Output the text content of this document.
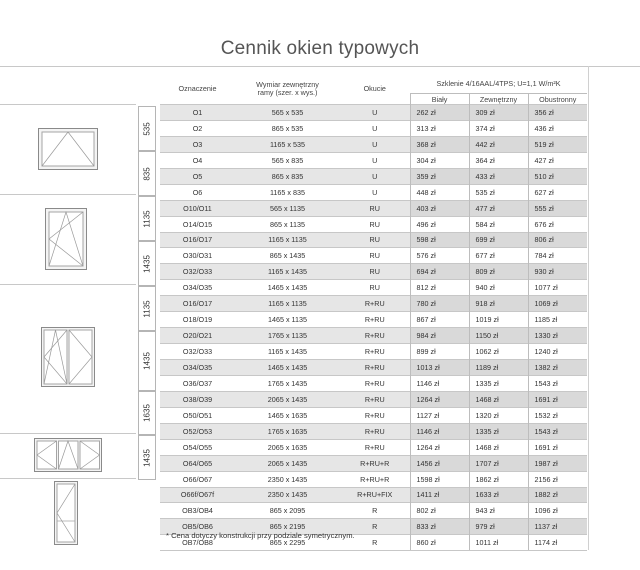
Cennik okien typowych
535
835
1135
1435
1135
1435
1635
1435
Oznaczenie	Wymiar zewnętrzny
ramy (szer. x wys.)	Okucie	Szklenie 4/16AAL/4TPS; U=1,1 W/m²K		
			Biały	Zewnętrzny	Obustronny
O1	565 x 535	U	262 zł	309 zł	356 zł
O2	865 x 535	U	313 zł	374 zł	436 zł
O3	1165 x 535	U	368 zł	442 zł	519 zł
O4	565 x 835	U	304 zł	364 zł	427 zł
O5	865 x 835	U	359 zł	433 zł	510 zł
O6	1165 x 835	U	448 zł	535 zł	627 zł
O10/O11	565 x 1135	RU	403 zł	477 zł	555 zł
O14/O15	865 x 1135	RU	496 zł	584 zł	676 zł
O16/O17	1165 x 1135	RU	598 zł	699 zł	806 zł
O30/O31	865 x 1435	RU	576 zł	677 zł	784 zł
O32/O33	1165 x 1435	RU	694 zł	809 zł	930 zł
O34/O35	1465 x 1435	RU	812 zł	940 zł	1077 zł
O16/O17	1165 x 1135	R+RU	780 zł	918 zł	1069 zł
O18/O19	1465 x 1135	R+RU	867 zł	1019 zł	1185 zł
O20/O21	1765 x 1135	R+RU	984 zł	1150 zł	1330 zł
O32/O33	1165 x 1435	R+RU	899 zł	1062 zł	1240 zł
O34/O35	1465 x 1435	R+RU	1013 zł	1189 zł	1382 zł
O36/O37	1765 x 1435	R+RU	1146 zł	1335 zł	1543 zł
O38/O39	2065 x 1435	R+RU	1264 zł	1468 zł	1691 zł
O50/O51	1465 x 1635	R+RU	1127 zł	1320 zł	1532 zł
O52/O53	1765 x 1635	R+RU	1146 zł	1335 zł	1543 zł
O54/O55	2065 x 1635	R+RU	1264 zł	1468 zł	1691 zł
O64/O65	2065 x 1435	R+RU+R	1456 zł	1707 zł	1987 zł
O66/O67	2350 x 1435	R+RU+R	1598 zł	1862 zł	2156 zł
O66f/O67f	2350 x 1435	R+RU+FIX	1411 zł	1633 zł	1882 zł
OB3/OB4	865 x 2095	R	802 zł	943 zł	1096 zł
OB5/OB6	865 x 2195	R	833 zł	979 zł	1137 zł
OB7/OB8	865 x 2295	R	860 zł	1011 zł	1174 zł
* Cena dotyczy konstrukcji przy podziale symetrycznym.
